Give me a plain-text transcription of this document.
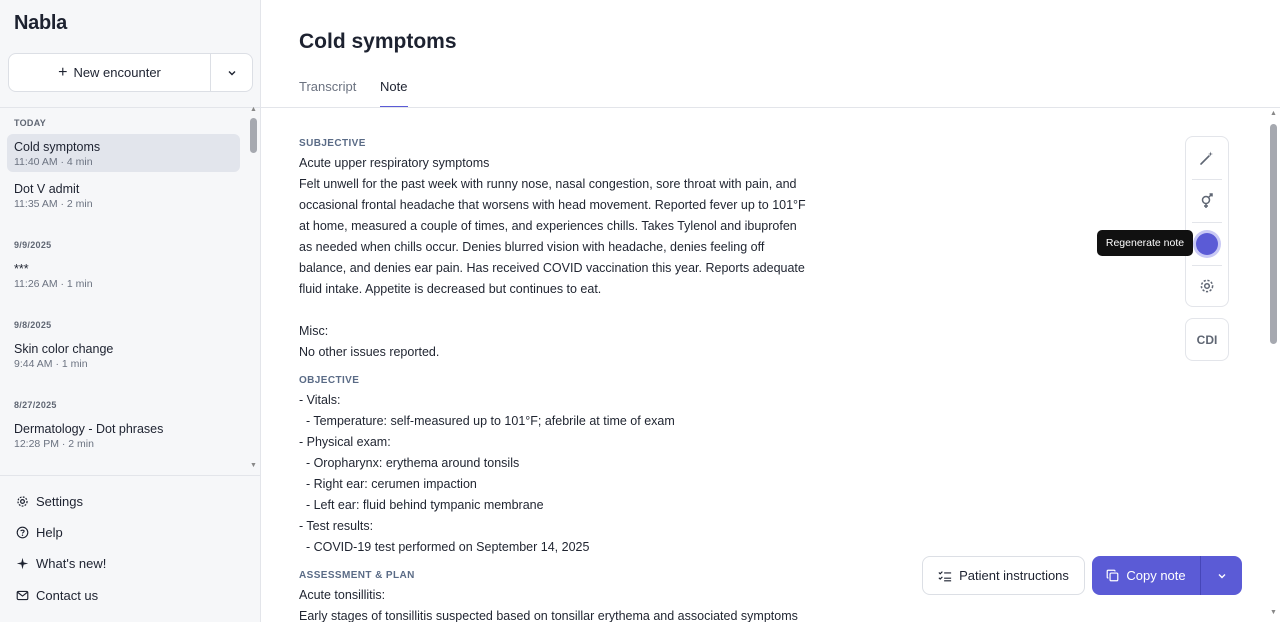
Nabla
+ New encounter
TODAY
Cold symptoms
11:40 AM · 4 min
Dot V admit
11:35 AM · 2 min
9/9/2025
***
11:26 AM · 1 min
9/8/2025
Skin color change
9:44 AM · 1 min
8/27/2025
Dermatology - Dot phrases
12:28 PM · 2 min
▲
▼
Settings
Help
What's new!
Contact us
Cold symptoms
Transcript Note
SUBJECTIVE
Acute upper respiratory symptoms
Felt unwell for the past week with runny nose, nasal congestion, sore throat with pain, and
occasional frontal headache that worsens with head movement. Reported fever up to 101°F
at home, measured a couple of times, and experiences chills. Takes Tylenol and ibuprofen
as needed when chills occur. Denies blurred vision with headache, denies feeling off
balance, and denies ear pain. Has received COVID vaccination this year. Reports adequate
fluid intake. Appetite is decreased but continues to eat.
Misc:
No other issues reported.
OBJECTIVE
- Vitals:
- Temperature: self-measured up to 101°F; afebrile at time of exam
- Physical exam:
- Oropharynx: erythema around tonsils
- Right ear: cerumen impaction
- Left ear: fluid behind tympanic membrane
- Test results:
- COVID-19 test performed on September 14, 2025
ASSESSMENT & PLAN
Acute tonsillitis:
Early stages of tonsillitis suspected based on tonsillar erythema and associated symptoms
▲
▼
Regenerate note
CDI
Patient instructions	Copy note
